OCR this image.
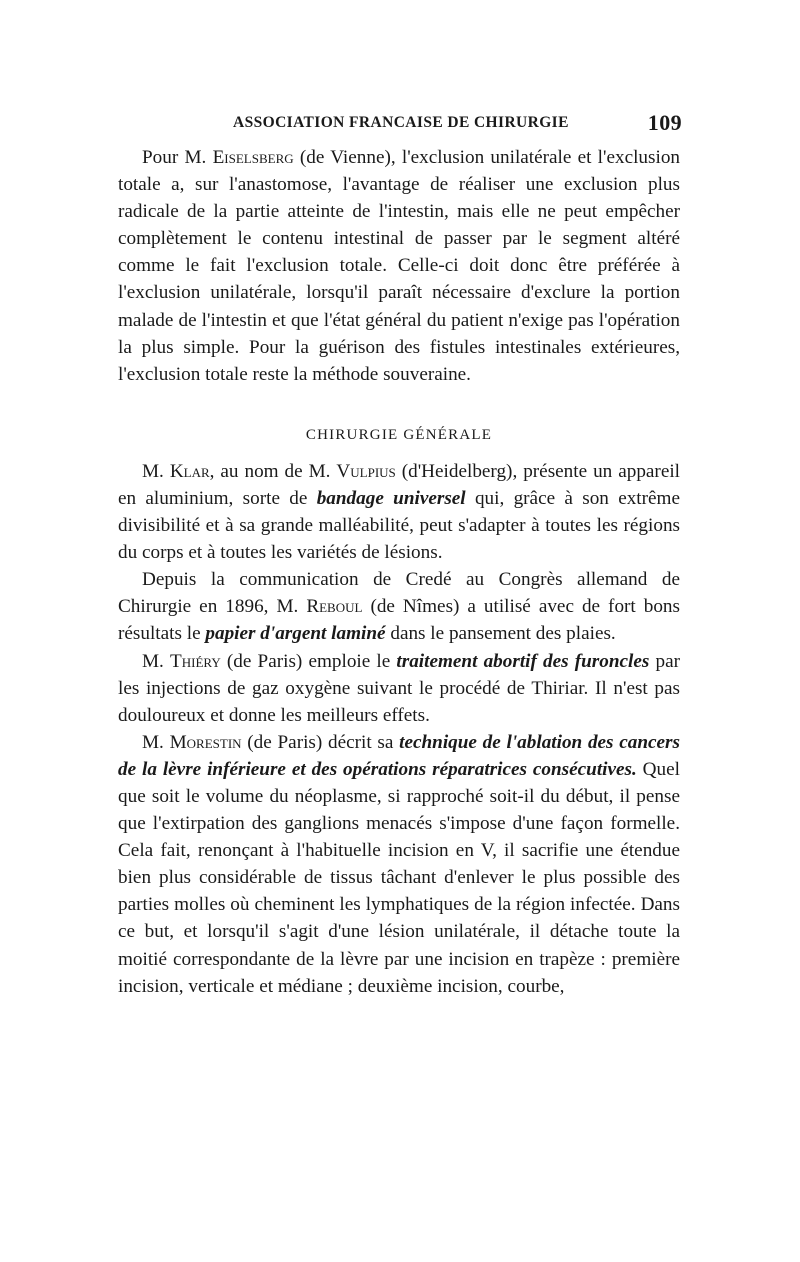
ASSOCIATION FRANCAISE DE CHIRURGIE	109

Pour M. Eiselsberg (de Vienne), l'exclusion unilatérale et l'exclusion totale a, sur l'anastomose, l'avantage de réaliser une exclusion plus radicale de la partie atteinte de l'intestin, mais elle ne peut empêcher complètement le contenu intestinal de passer par le segment altéré comme le fait l'exclusion totale. Celle-ci doit donc être préférée à l'exclusion unilatérale, lorsqu'il paraît nécessaire d'exclure la portion malade de l'intestin et que l'état général du patient n'exige pas l'opération la plus simple. Pour la guérison des fistules intestinales extérieures, l'exclusion totale reste la méthode souveraine.

CHIRURGIE GÉNÉRALE

M. Klar, au nom de M. Vulpius (d'Heidelberg), présente un appareil en aluminium, sorte de bandage universel qui, grâce à son extrême divisibilité et à sa grande malléabilité, peut s'adapter à toutes les régions du corps et à toutes les variétés de lésions.

Depuis la communication de Credé au Congrès allemand de Chirurgie en 1896, M. Reboul (de Nîmes) a utilisé avec de fort bons résultats le papier d'argent laminé dans le pansement des plaies.

M. Thiéry (de Paris) emploie le traitement abortif des furoncles par les injections de gaz oxygène suivant le procédé de Thiriar. Il n'est pas douloureux et donne les meilleurs effets.

M. Morestin (de Paris) décrit sa technique de l'ablation des cancers de la lèvre inférieure et des opérations réparatrices consécutives. Quel que soit le volume du néoplasme, si rapproché soit-il du début, il pense que l'extirpation des ganglions menacés s'impose d'une façon formelle. Cela fait, renonçant à l'habituelle incision en V, il sacrifie une étendue bien plus considérable de tissus tâchant d'enlever le plus possible des parties molles où cheminent les lymphatiques de la région infectée. Dans ce but, et lorsqu'il s'agit d'une lésion unilatérale, il détache toute la moitié correspondante de la lèvre par une incision en trapèze : première incision, verticale et médiane ; deuxième incision, courbe,
